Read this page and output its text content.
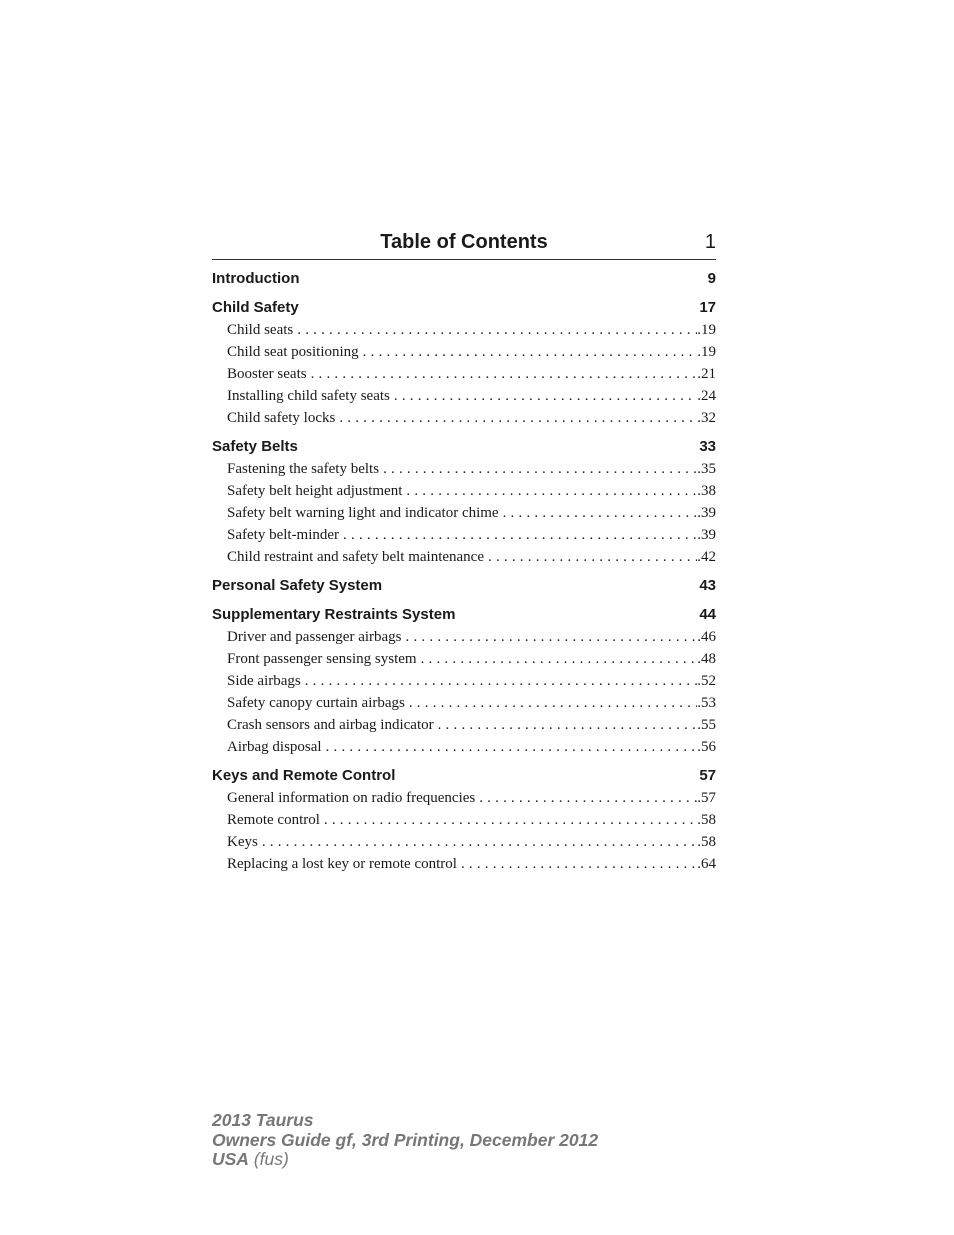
Table of Contents	1
Introduction	9
Child Safety	17
Child seats .....	.19
Child seat positioning .....	.19
Booster seats .....	.21
Installing child safety seats .....	.24
Child safety locks .....	.32
Safety Belts	33
Fastening the safety belts .....	.35
Safety belt height adjustment .....	.38
Safety belt warning light and indicator chime .....	.39
Safety belt-minder .....	.39
Child restraint and safety belt maintenance .....	.42
Personal Safety System	43
Supplementary Restraints System	44
Driver and passenger airbags .....	.46
Front passenger sensing system .....	.48
Side airbags .....	.52
Safety canopy curtain airbags .....	.53
Crash sensors and airbag indicator .....	.55
Airbag disposal .....	.56
Keys and Remote Control	57
General information on radio frequencies .....	.57
Remote control .....	.58
Keys .....	.58
Replacing a lost key or remote control .....	.64
2013 Taurus
Owners Guide gf, 3rd Printing, December 2012
USA (fus)
